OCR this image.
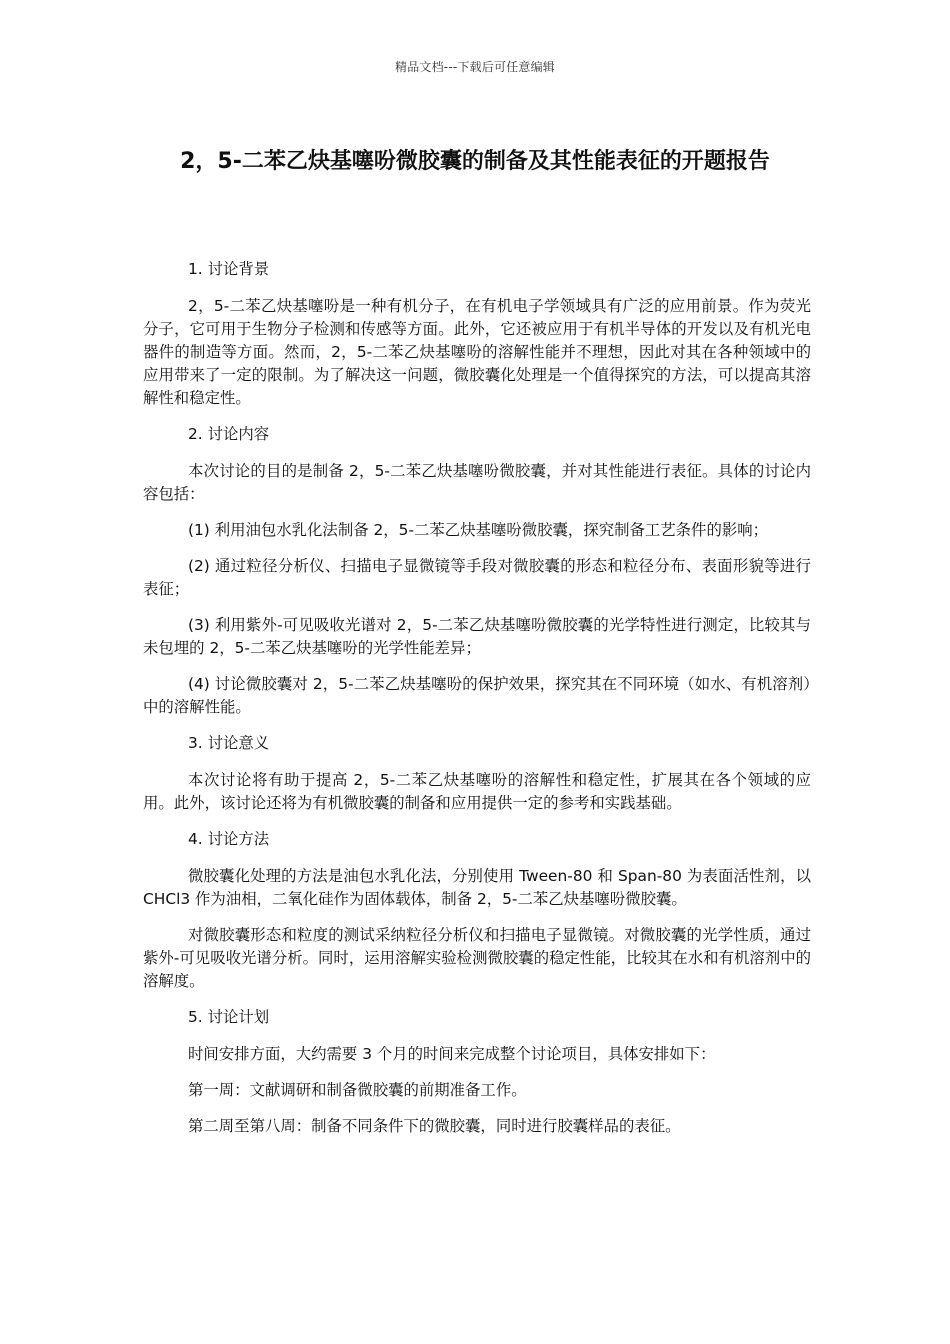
精品文档---下载后可任意编辑
2，5-二苯乙炔基噻吩微胶囊的制备及其性能表征的开题报告

1. 讨论背景

2，5-二苯乙炔基噻吩是一种有机分子，在有机电子学领域具有广泛的应用前景。作为荧光分子，它可用于生物分子检测和传感等方面。此外，它还被应用于有机半导体的开发以及有机光电器件的制造等方面。然而，2，5-二苯乙炔基噻吩的溶解性能并不理想，因此对其在各种领域中的应用带来了一定的限制。为了解决这一问题，微胶囊化处理是一个值得探究的方法，可以提高其溶解性和稳定性。

2. 讨论内容

本次讨论的目的是制备 2，5-二苯乙炔基噻吩微胶囊，并对其性能进行表征。具体的讨论内容包括：

(1) 利用油包水乳化法制备 2，5-二苯乙炔基噻吩微胶囊，探究制备工艺条件的影响；

(2) 通过粒径分析仪、扫描电子显微镜等手段对微胶囊的形态和粒径分布、表面形貌等进行表征；

(3) 利用紫外-可见吸收光谱对 2，5-二苯乙炔基噻吩微胶囊的光学特性进行测定，比较其与未包埋的 2，5-二苯乙炔基噻吩的光学性能差异；

(4) 讨论微胶囊对 2，5-二苯乙炔基噻吩的保护效果，探究其在不同环境（如水、有机溶剂）中的溶解性能。

3. 讨论意义

本次讨论将有助于提高 2，5-二苯乙炔基噻吩的溶解性和稳定性，扩展其在各个领域的应用。此外，该讨论还将为有机微胶囊的制备和应用提供一定的参考和实践基础。

4. 讨论方法

微胶囊化处理的方法是油包水乳化法，分别使用 Tween-80 和 Span-80 为表面活性剂，以 CHCl3 作为油相，二氧化硅作为固体载体，制备 2，5-二苯乙炔基噻吩微胶囊。

对微胶囊形态和粒度的测试采纳粒径分析仪和扫描电子显微镜。对微胶囊的光学性质，通过紫外-可见吸收光谱分析。同时，运用溶解实验检测微胶囊的稳定性能，比较其在水和有机溶剂中的溶解度。

5. 讨论计划

时间安排方面，大约需要 3 个月的时间来完成整个讨论项目，具体安排如下：

第一周：文献调研和制备微胶囊的前期准备工作。

第二周至第八周：制备不同条件下的微胶囊，同时进行胶囊样品的表征。
